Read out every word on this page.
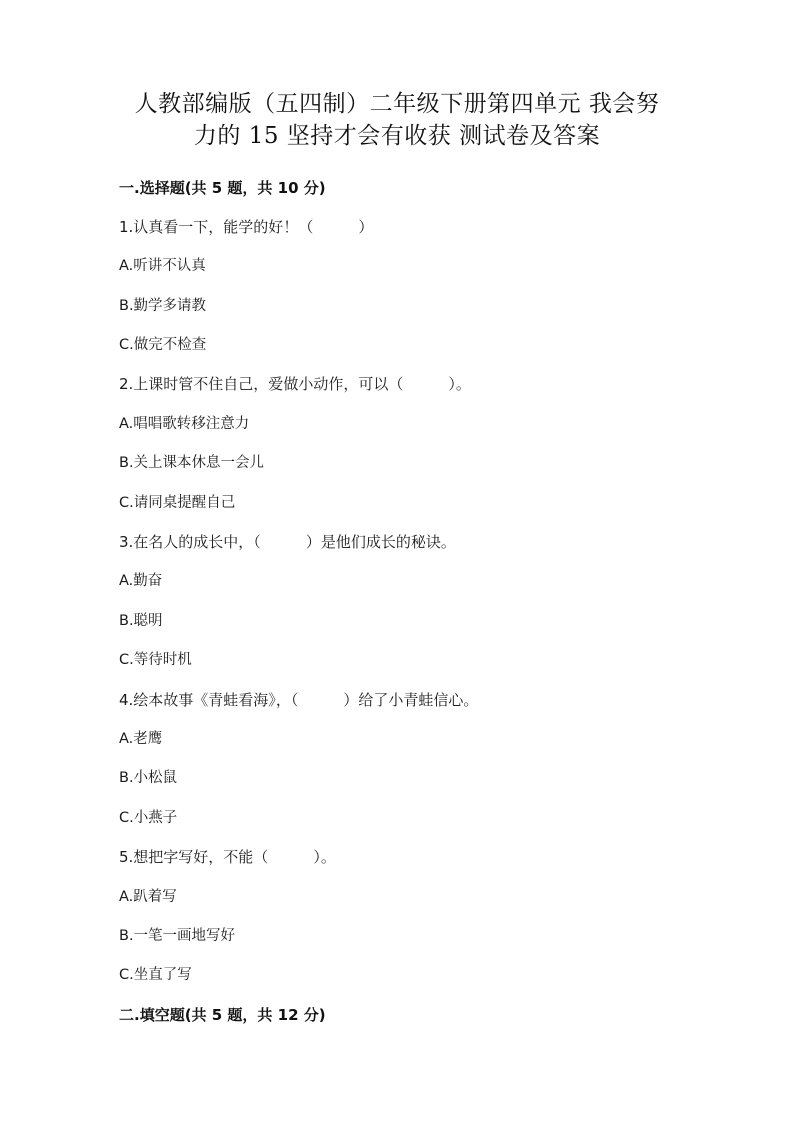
人教部编版（五四制）二年级下册第四单元 我会努
力的 15 坚持才会有收获 测试卷及答案
一.选择题(共 5 题，共 10 分)
1.认真看一下，能学的好！（　　　）
A.听讲不认真
B.勤学多请教
C.做完不检查
2.上课时管不住自己，爱做小动作，可以（　　　）。
A.唱唱歌转移注意力
B.关上课本休息一会儿
C.请同桌提醒自己
3.在名人的成长中，（　　　）是他们成长的秘诀。
A.勤奋
B.聪明
C.等待时机
4.绘本故事《青蛙看海》，（　　　）给了小青蛙信心。
A.老鹰
B.小松鼠
C.小燕子
5.想把字写好，不能（　　　）。
A.趴着写
B.一笔一画地写好
C.坐直了写
二.填空题(共 5 题，共 12 分)
